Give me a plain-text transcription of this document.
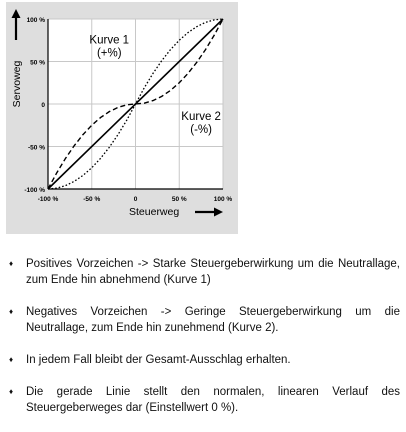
-100 %
-50 %
0
50 %
100 %
-100 %	-50 %	0	50 %	100 %
Steuerweg
Servoweg
Kurve 1
(+%)
Kurve 2
(-%)
♦ Positives Vorzeichen -> Starke Steuergeberwirkung um die Neutrallage, zum Ende hin abnehmend (Kurve 1)
♦ Negatives Vorzeichen -> Geringe Steuergeberwirkung um die Neutrallage, zum Ende hin zunehmend (Kurve 2).
♦ In jedem Fall bleibt der Gesamt-Ausschlag erhalten.
♦ Die gerade Linie stellt den normalen, linearen Verlauf des Steuergeberweges dar (Einstellwert 0 %).
